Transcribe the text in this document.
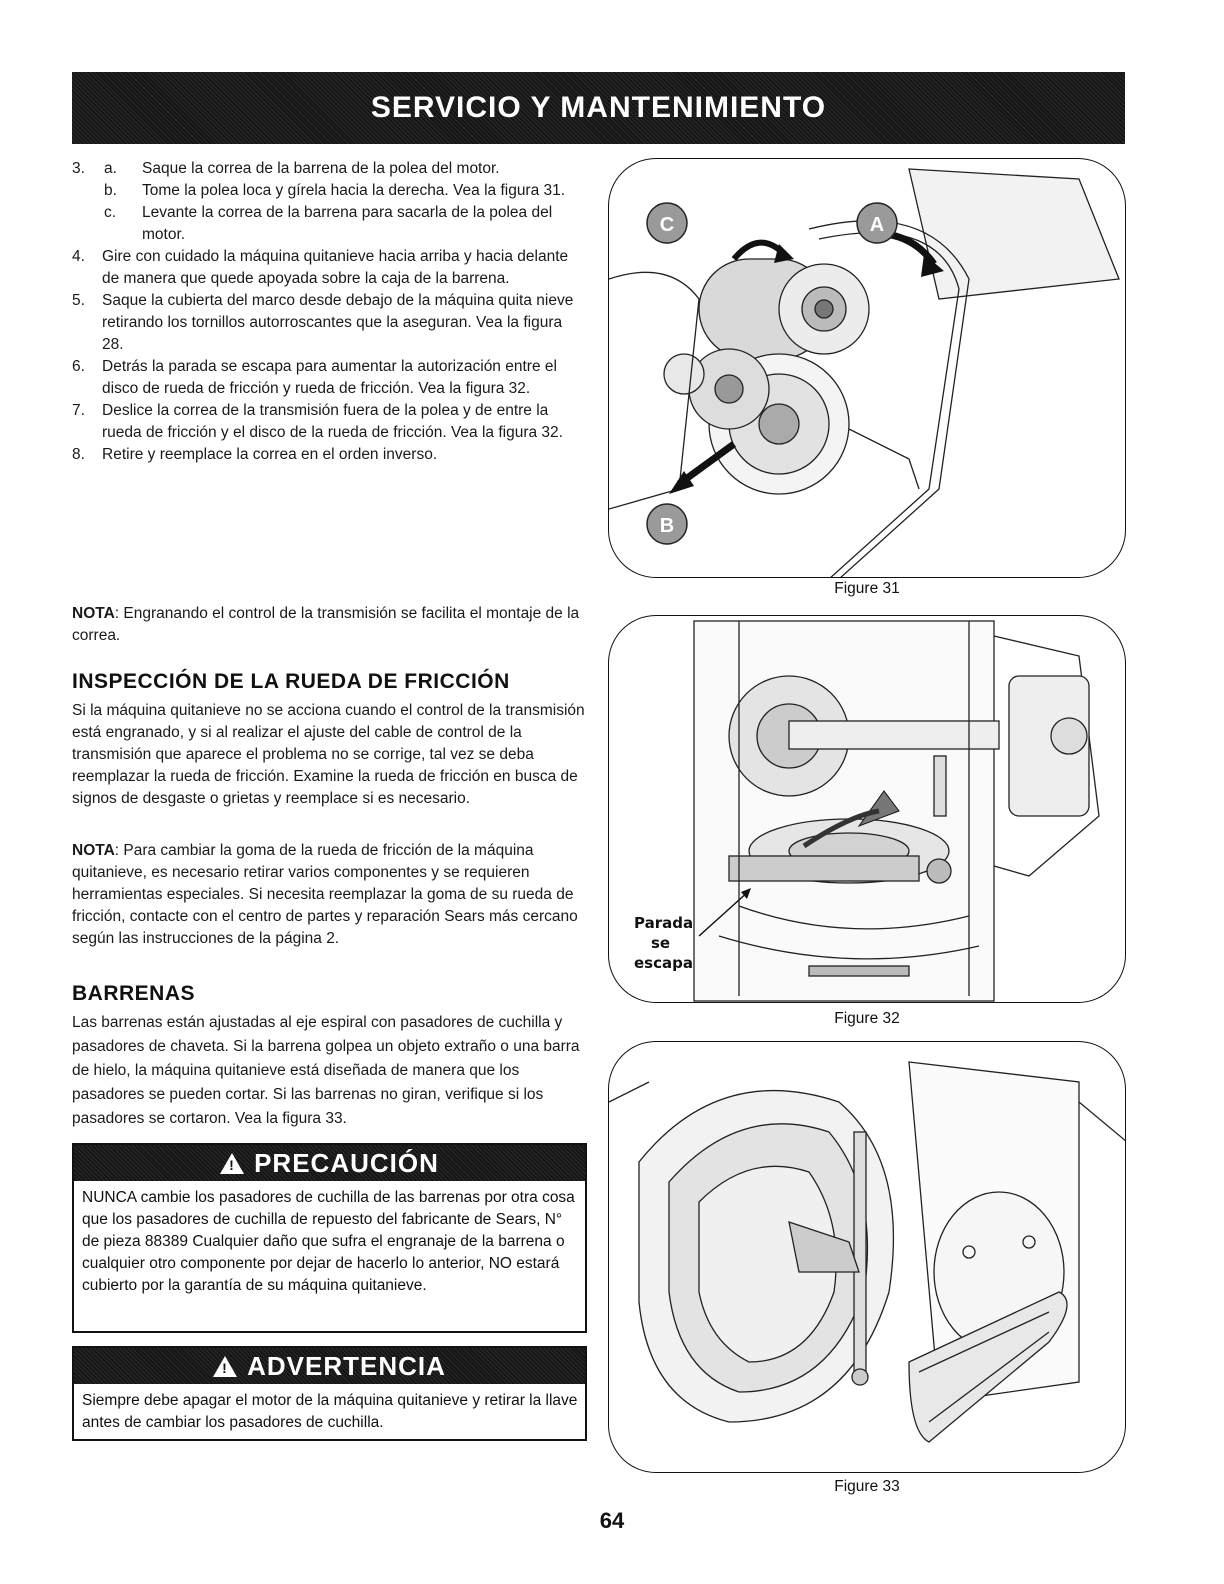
SERVICIO Y MANTENIMIENTO
3. a. Saque la correa de la barrena de la polea del motor.
b. Tome la polea loca y gírela hacia la derecha. Vea la figura 31.
c. Levante la correa de la barrena para sacarla de la polea del motor.
4. Gire con cuidado la máquina quitanieve hacia arriba y hacia delante de manera que quede apoyada sobre la caja de la barrena.
5. Saque la cubierta del marco desde debajo de la máquina quita nieve retirando los tornillos autorroscantes que la aseguran. Vea la figura 28.
6. Detrás la parada se escapa para aumentar la autorización entre el disco de rueda de fricción y rueda de fricción. Vea la figura 32.
7. Deslice la correa de la transmisión fuera de la polea y de entre la rueda de fricción y el disco de la rueda de fricción. Vea la figura 32.
8. Retire y reemplace la correa en el orden inverso.
NOTA: Engranando el control de la transmisión se facilita el montaje de la correa.
INSPECCIÓN DE LA RUEDA DE FRICCIÓN
Si la máquina quitanieve no se acciona cuando el control de la transmisión está engranado, y si al realizar el ajuste del cable de control de la transmisión que aparece el problema no se corrige, tal vez se deba reemplazar la rueda de fricción. Examine la rueda de fricción en busca de signos de desgaste o grietas y reemplace si es necesario.
NOTA: Para cambiar la goma de la rueda de fricción de la máquina quitanieve, es necesario retirar varios componentes y se requieren herramientas especiales. Si necesita reemplazar la goma de su rueda de fricción, contacte con el centro de partes y reparación Sears más cercano según las instrucciones de la página 2.
BARRENAS
Las barrenas están ajustadas al eje espiral con pasadores de cuchilla y pasadores de chaveta. Si la barrena golpea un objeto extraño o una barra de hielo, la máquina quitanieve está diseñada de manera que los pasadores se pueden cortar. Si las barrenas no giran, verifique si los pasadores se cortaron. Vea la figura 33.
!
PRECAUCIÓN
NUNCA cambie los pasadores de cuchilla de las barrenas por otra cosa que los pasadores de cuchilla de repuesto del fabricante de Sears, N° de pieza 88389 Cualquier daño que sufra el engranaje de la barrena o cualquier otro componente por dejar de hacerlo lo anterior, NO estará cubierto por la garantía de su máquina quitanieve.
!
ADVERTENCIA
Siempre debe apagar el motor de la máquina quitanieve y retirar la llave antes de cambiar los pasadores de cuchilla.
C	A
B
Figure 31
Parada
se
escapa
Figure 32
Figure 33
64
